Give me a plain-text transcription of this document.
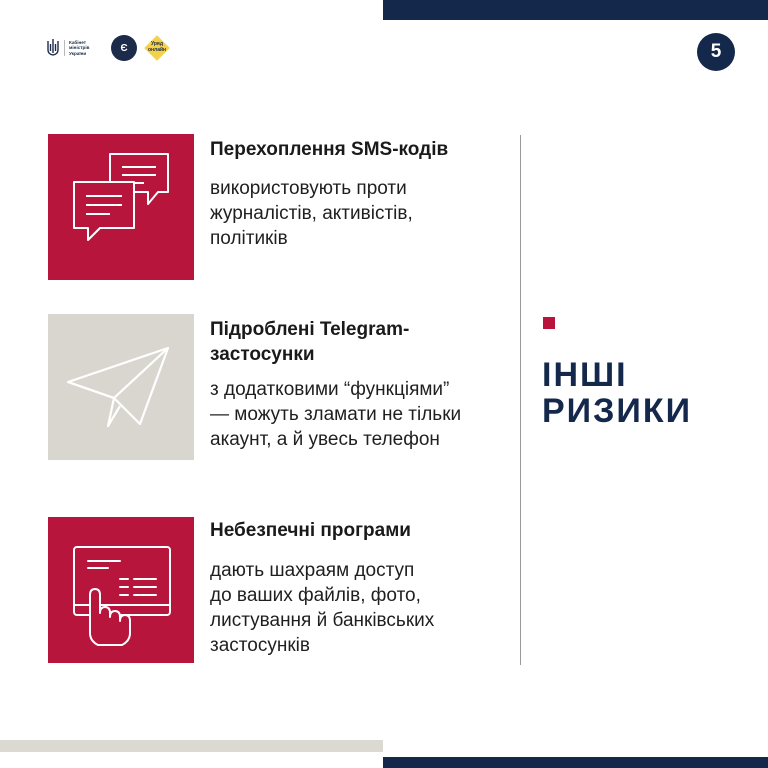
Кабінет
міністрів
України	Є	Уряд
онлайн	5
Перехоплення SMS-кодів
використовують проти
журналістів, активістів,
політиків
Підроблені Telegram-
застосунки
з додатковими “функціями”
— можуть зламати не тільки
акаунт, а й увесь телефон
Небезпечні програми
дають шахраям доступ
до ваших файлів, фото,
листування й банківських
застосунків
ІНШІ
РИЗИКИ
